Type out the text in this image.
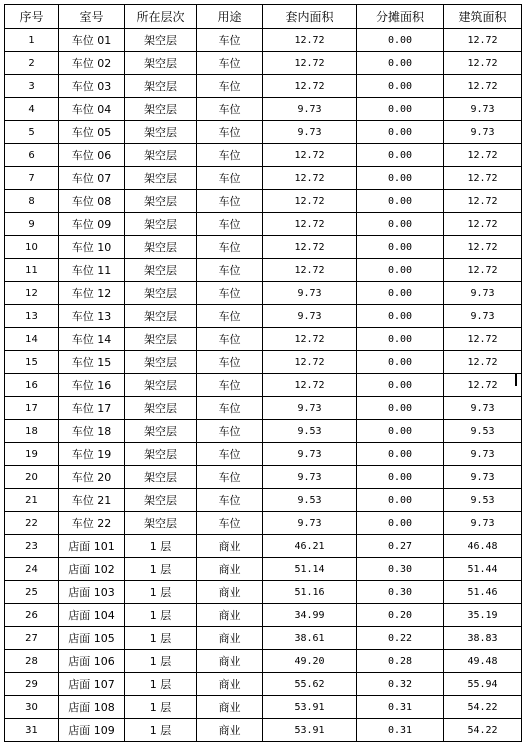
序号	室号	所在层次	用途	套内面积	分摊面积	建筑面积
1	车位 01	架空层	车位	12.72	0.00	12.72
2	车位 02	架空层	车位	12.72	0.00	12.72
3	车位 03	架空层	车位	12.72	0.00	12.72
4	车位 04	架空层	车位	9.73	0.00	9.73
5	车位 05	架空层	车位	9.73	0.00	9.73
6	车位 06	架空层	车位	12.72	0.00	12.72
7	车位 07	架空层	车位	12.72	0.00	12.72
8	车位 08	架空层	车位	12.72	0.00	12.72
9	车位 09	架空层	车位	12.72	0.00	12.72
10	车位 10	架空层	车位	12.72	0.00	12.72
11	车位 11	架空层	车位	12.72	0.00	12.72
12	车位 12	架空层	车位	9.73	0.00	9.73
13	车位 13	架空层	车位	9.73	0.00	9.73
14	车位 14	架空层	车位	12.72	0.00	12.72
15	车位 15	架空层	车位	12.72	0.00	12.72
16	车位 16	架空层	车位	12.72	0.00	12.72
17	车位 17	架空层	车位	9.73	0.00	9.73
18	车位 18	架空层	车位	9.53	0.00	9.53
19	车位 19	架空层	车位	9.73	0.00	9.73
20	车位 20	架空层	车位	9.73	0.00	9.73
21	车位 21	架空层	车位	9.53	0.00	9.53
22	车位 22	架空层	车位	9.73	0.00	9.73
23	店面 101	1 层	商业	46.21	0.27	46.48
24	店面 102	1 层	商业	51.14	0.30	51.44
25	店面 103	1 层	商业	51.16	0.30	51.46
26	店面 104	1 层	商业	34.99	0.20	35.19
27	店面 105	1 层	商业	38.61	0.22	38.83
28	店面 106	1 层	商业	49.20	0.28	49.48
29	店面 107	1 层	商业	55.62	0.32	55.94
30	店面 108	1 层	商业	53.91	0.31	54.22
31	店面 109	1 层	商业	53.91	0.31	54.22
